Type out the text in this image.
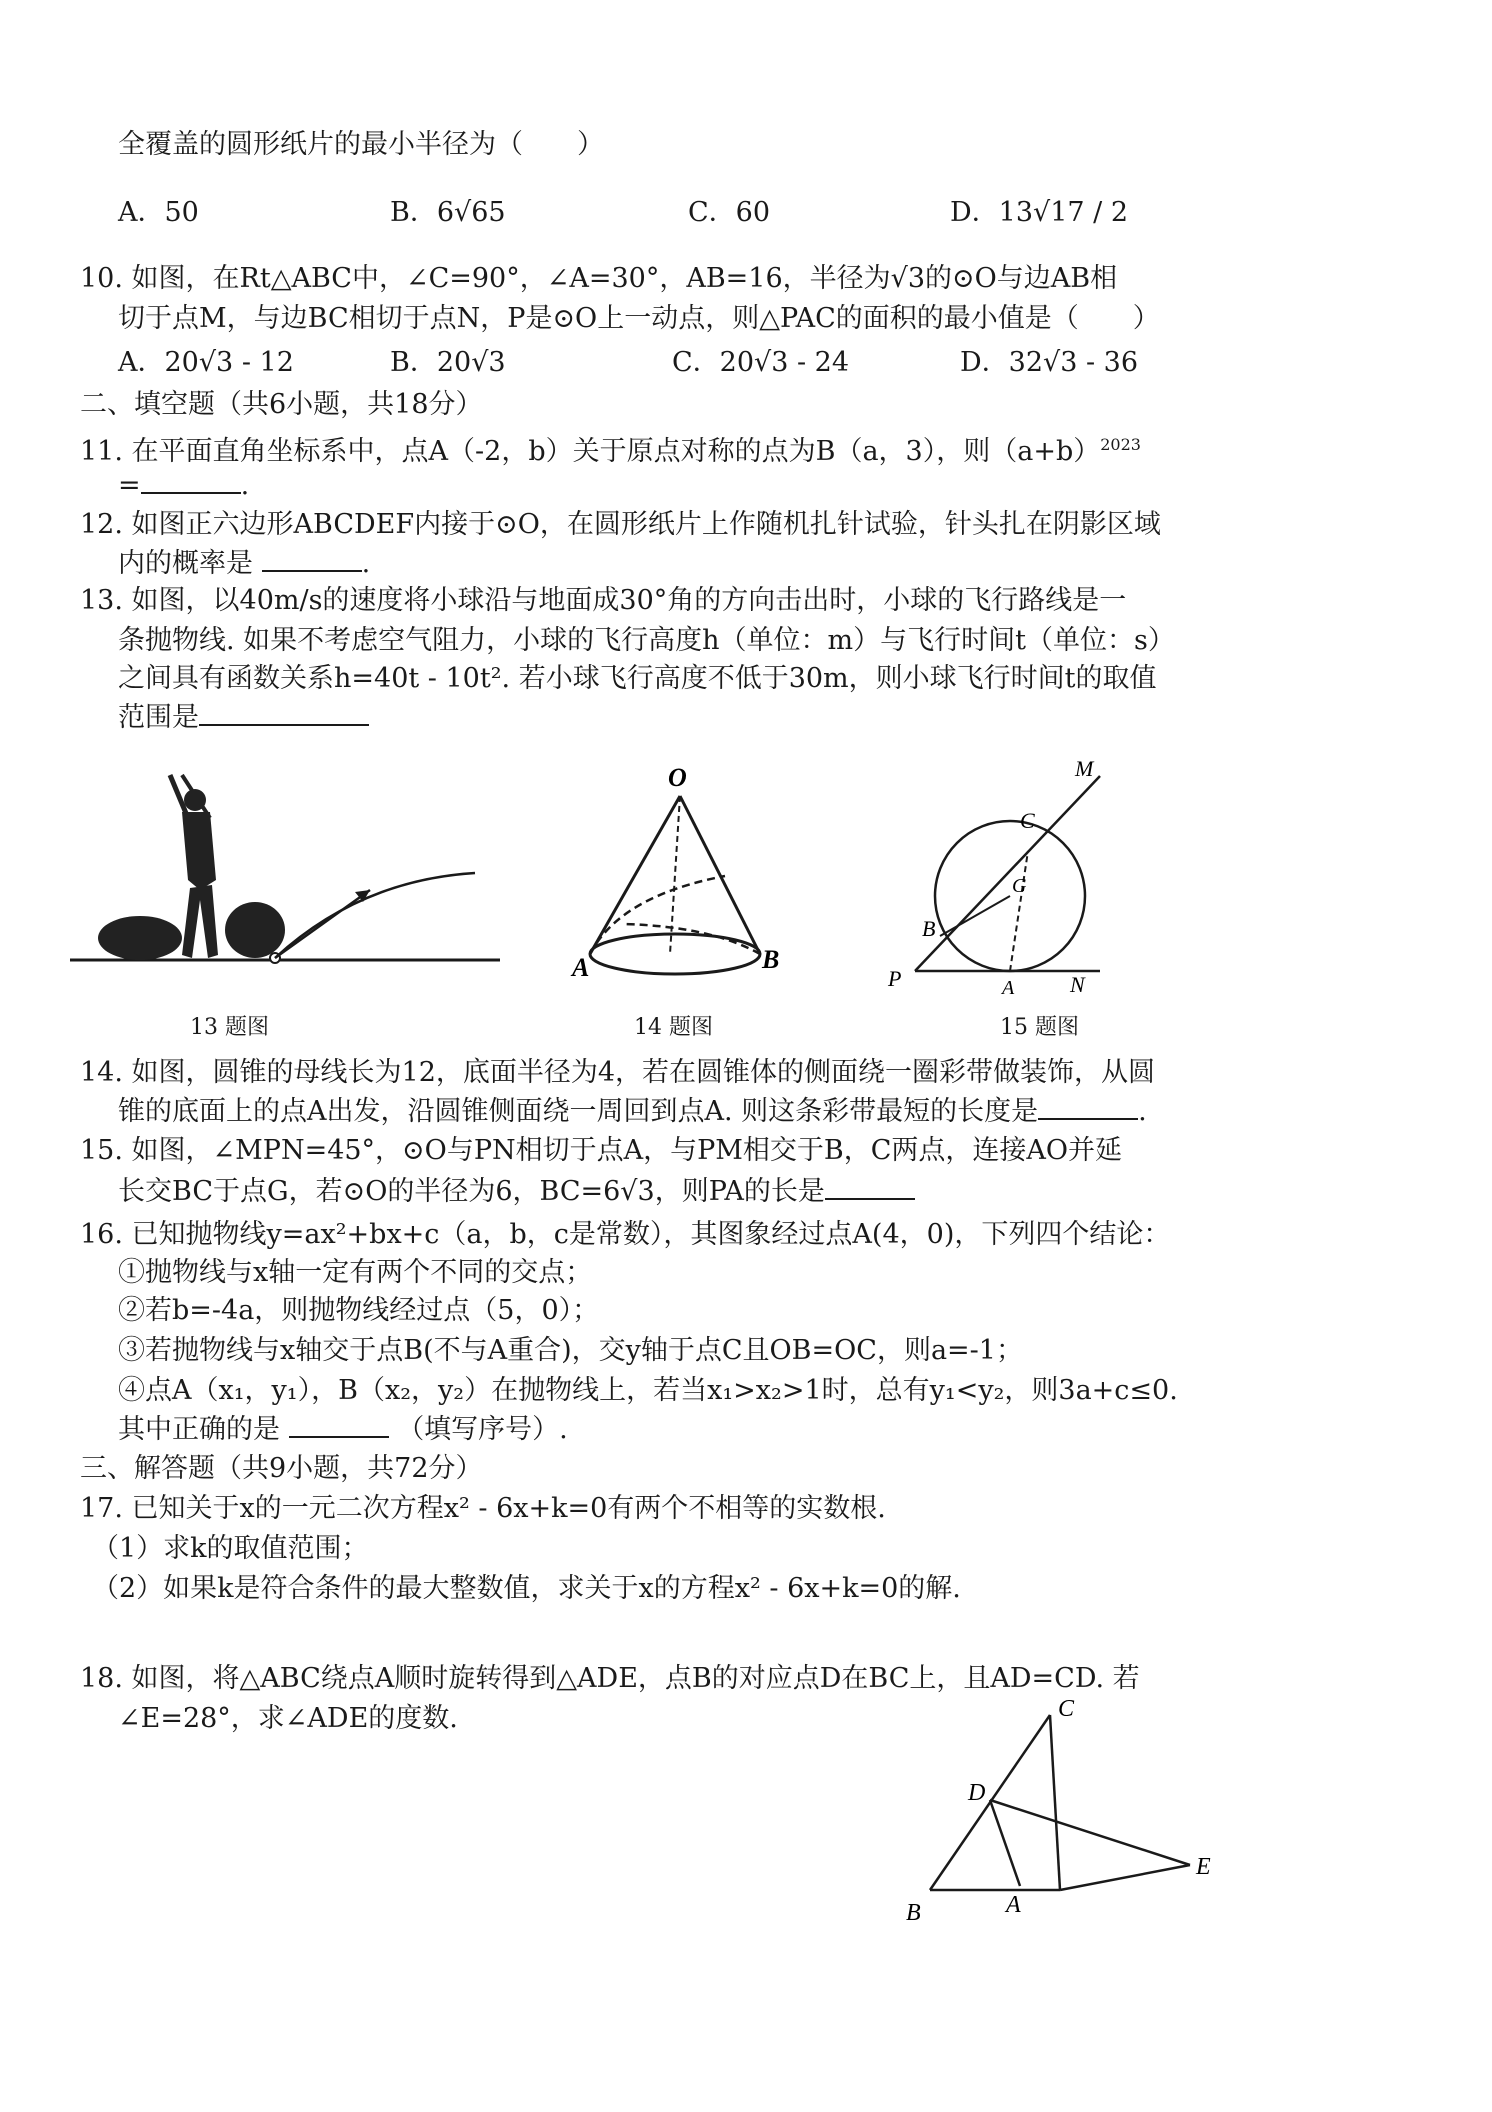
全覆盖的圆形纸片的最小半径为（　　）
A．50	B．6√65	C．60	D．13√17 / 2
10. 如图，在Rt△ABC中，∠C=90°，∠A=30°，AB=16，半径为√3的⊙O与边AB相
切于点M，与边BC相切于点N，P是⊙O上一动点，则△PAC的面积的最小值是（　　）
A．20√3 - 12	B．20√3	C．20√3 - 24	D．32√3 - 36
二、填空题（共6小题，共18分）
11. 在平面直角坐标系中，点A（-2，b）关于原点对称的点为B（a，3），则$(a+b)^{2023}$
=	.
12. 如图正六边形ABCDEF内接于⊙O，在圆形纸片上作随机扎针试验，针头扎在阴影区域
内的概率是	.
13. 如图，以40m/s的速度将小球沿与地面成30°角的方向击出时，小球的飞行路线是一
条抛物线. 如果不考虑空气阻力，小球的飞行高度h（单位：m）与飞行时间t（单位：s）
之间具有函数关系h=40t - 10t². 若小球飞行高度不低于30m，则小球飞行时间t的取值
范围是
O
A	B
M
C
G
B
P	A	N
13 题图	14 题图	15 题图
14. 如图，圆锥的母线长为12，底面半径为4，若在圆锥体的侧面绕一圈彩带做装饰，从圆
锥的底面上的点A出发，沿圆锥侧面绕一周回到点A. 则这条彩带最短的长度是	.
15. 如图，∠MPN=45°，⊙O与PN相切于点A，与PM相交于B，C两点，连接AO并延
长交BC于点G，若⊙O的半径为6，BC=6√3，则PA的长是
16. 已知抛物线y=ax²+bx+c（a，b，c是常数），其图象经过点A(4，0)，下列四个结论：
①抛物线与x轴一定有两个不同的交点；
②若b=-4a，则抛物线经过点（5，0）；
③若抛物线与x轴交于点B(不与A重合)，交y轴于点C且OB=OC，则a=-1；
④点A（x₁，y₁），B（x₂，y₂）在抛物线上，若当x₁>x₂>1时，总有y₁<y₂，则3a+c≤0.
其中正确的是	（填写序号）.
三、解答题（共9小题，共72分）
17. 已知关于x的一元二次方程x² - 6x+k=0有两个不相等的实数根.
（1）求k的取值范围；
（2）如果k是符合条件的最大整数值，求关于x的方程x² - 6x+k=0的解.
18. 如图，将△ABC绕点A顺时旋转得到△ADE，点B的对应点D在BC上，且AD=CD. 若
∠E=28°，求∠ADE的度数.	C
D
B	A
E
